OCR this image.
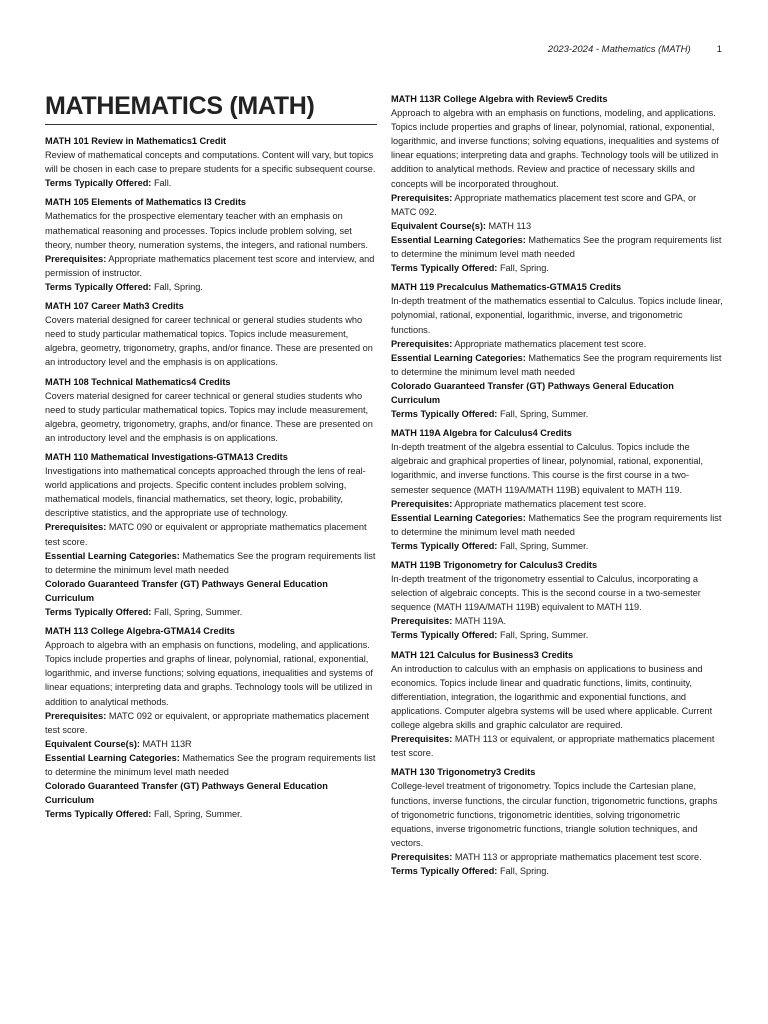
2023-2024 - Mathematics (MATH)	1
MATHEMATICS (MATH)
MATH 101 Review in Mathematics1 Credit
Review of mathematical concepts and computations. Content will vary, but topics will be chosen in each case to prepare students for a specific subsequent course.
Terms Typically Offered: Fall.
MATH 105 Elements of Mathematics I3 Credits
Mathematics for the prospective elementary teacher with an emphasis on mathematical reasoning and processes. Topics include problem solving, set theory, number theory, numeration systems, the integers, and rational numbers.
Prerequisites: Appropriate mathematics placement test score and interview, and permission of instructor.
Terms Typically Offered: Fall, Spring.
MATH 107 Career Math3 Credits
Covers material designed for career technical or general studies students who need to study particular mathematical topics. Topics include measurement, algebra, geometry, trigonometry, graphs, and/or finance. These are presented on an introductory level and the emphasis is on applications.
MATH 108 Technical Mathematics4 Credits
Covers material designed for career technical or general studies students who need to study particular mathematical topics. Topics may include measurement, algebra, geometry, trigonometry, graphs, and/or finance. These are presented on an introductory level and the emphasis is on applications.
MATH 110 Mathematical Investigations-GTMA13 Credits
Investigations into mathematical concepts approached through the lens of real-world applications and projects. Specific content includes problem solving, mathematical models, financial mathematics, set theory, logic, probability, descriptive statistics, and the appropriate use of technology.
Prerequisites: MATC 090 or equivalent or appropriate mathematics placement test score.
Essential Learning Categories: Mathematics See the program requirements list to determine the minimum level math needed
Colorado Guaranteed Transfer (GT) Pathways General Education Curriculum
Terms Typically Offered: Fall, Spring, Summer.
MATH 113 College Algebra-GTMA14 Credits
Approach to algebra with an emphasis on functions, modeling, and applications. Topics include properties and graphs of linear, polynomial, rational, exponential, logarithmic, and inverse functions; solving equations, inequalities and systems of linear equations; interpreting data and graphs. Technology tools will be utilized in addition to analytical methods.
Prerequisites: MATC 092 or equivalent, or appropriate mathematics placement test score.
Equivalent Course(s): MATH 113R
Essential Learning Categories: Mathematics See the program requirements list to determine the minimum level math needed
Colorado Guaranteed Transfer (GT) Pathways General Education Curriculum
Terms Typically Offered: Fall, Spring, Summer.
MATH 113R College Algebra with Review5 Credits
Approach to algebra with an emphasis on functions, modeling, and applications. Topics include properties and graphs of linear, polynomial, rational, exponential, logarithmic, and inverse functions; solving equations, inequalities and systems of linear equations; interpreting data and graphs. Technology tools will be utilized in addition to analytical methods. Review and practice of necessary skills and concepts will be incorporated throughout.
Prerequisites: Appropriate mathematics placement test score and GPA, or MATC 092.
Equivalent Course(s): MATH 113
Essential Learning Categories: Mathematics See the program requirements list to determine the minimum level math needed
Terms Typically Offered: Fall, Spring.
MATH 119 Precalculus Mathematics-GTMA15 Credits
In-depth treatment of the mathematics essential to Calculus. Topics include linear, polynomial, rational, exponential, logarithmic, inverse, and trigonometric functions.
Prerequisites: Appropriate mathematics placement test score.
Essential Learning Categories: Mathematics See the program requirements list to determine the minimum level math needed
Colorado Guaranteed Transfer (GT) Pathways General Education Curriculum
Terms Typically Offered: Fall, Spring, Summer.
MATH 119A Algebra for Calculus4 Credits
In-depth treatment of the algebra essential to Calculus. Topics include the algebraic and graphical properties of linear, polynomial, rational, exponential, logarithmic, and inverse functions. This course is the first course in a two-semester sequence (MATH 119A/MATH 119B) equivalent to MATH 119.
Prerequisites: Appropriate mathematics placement test score.
Essential Learning Categories: Mathematics See the program requirements list to determine the minimum level math needed
Terms Typically Offered: Fall, Spring, Summer.
MATH 119B Trigonometry for Calculus3 Credits
In-depth treatment of the trigonometry essential to Calculus, incorporating a selection of algebraic concepts. This is the second course in a two-semester sequence (MATH 119A/MATH 119B) equivalent to MATH 119.
Prerequisites: MATH 119A.
Terms Typically Offered: Fall, Spring, Summer.
MATH 121 Calculus for Business3 Credits
An introduction to calculus with an emphasis on applications to business and economics. Topics include linear and quadratic functions, limits, continuity, differentiation, integration, the logarithmic and exponential functions, and applications. Computer algebra systems will be used where applicable. Current college algebra skills and graphic calculator are required.
Prerequisites: MATH 113 or equivalent, or appropriate mathematics placement test score.
MATH 130 Trigonometry3 Credits
College-level treatment of trigonometry. Topics include the Cartesian plane, functions, inverse functions, the circular function, trigonometric functions, graphs of trigonometric functions, trigonometric identities, solving trigonometric equations, inverse trigonometric functions, triangle solution techniques, and vectors.
Prerequisites: MATH 113 or appropriate mathematics placement test score.
Terms Typically Offered: Fall, Spring.
